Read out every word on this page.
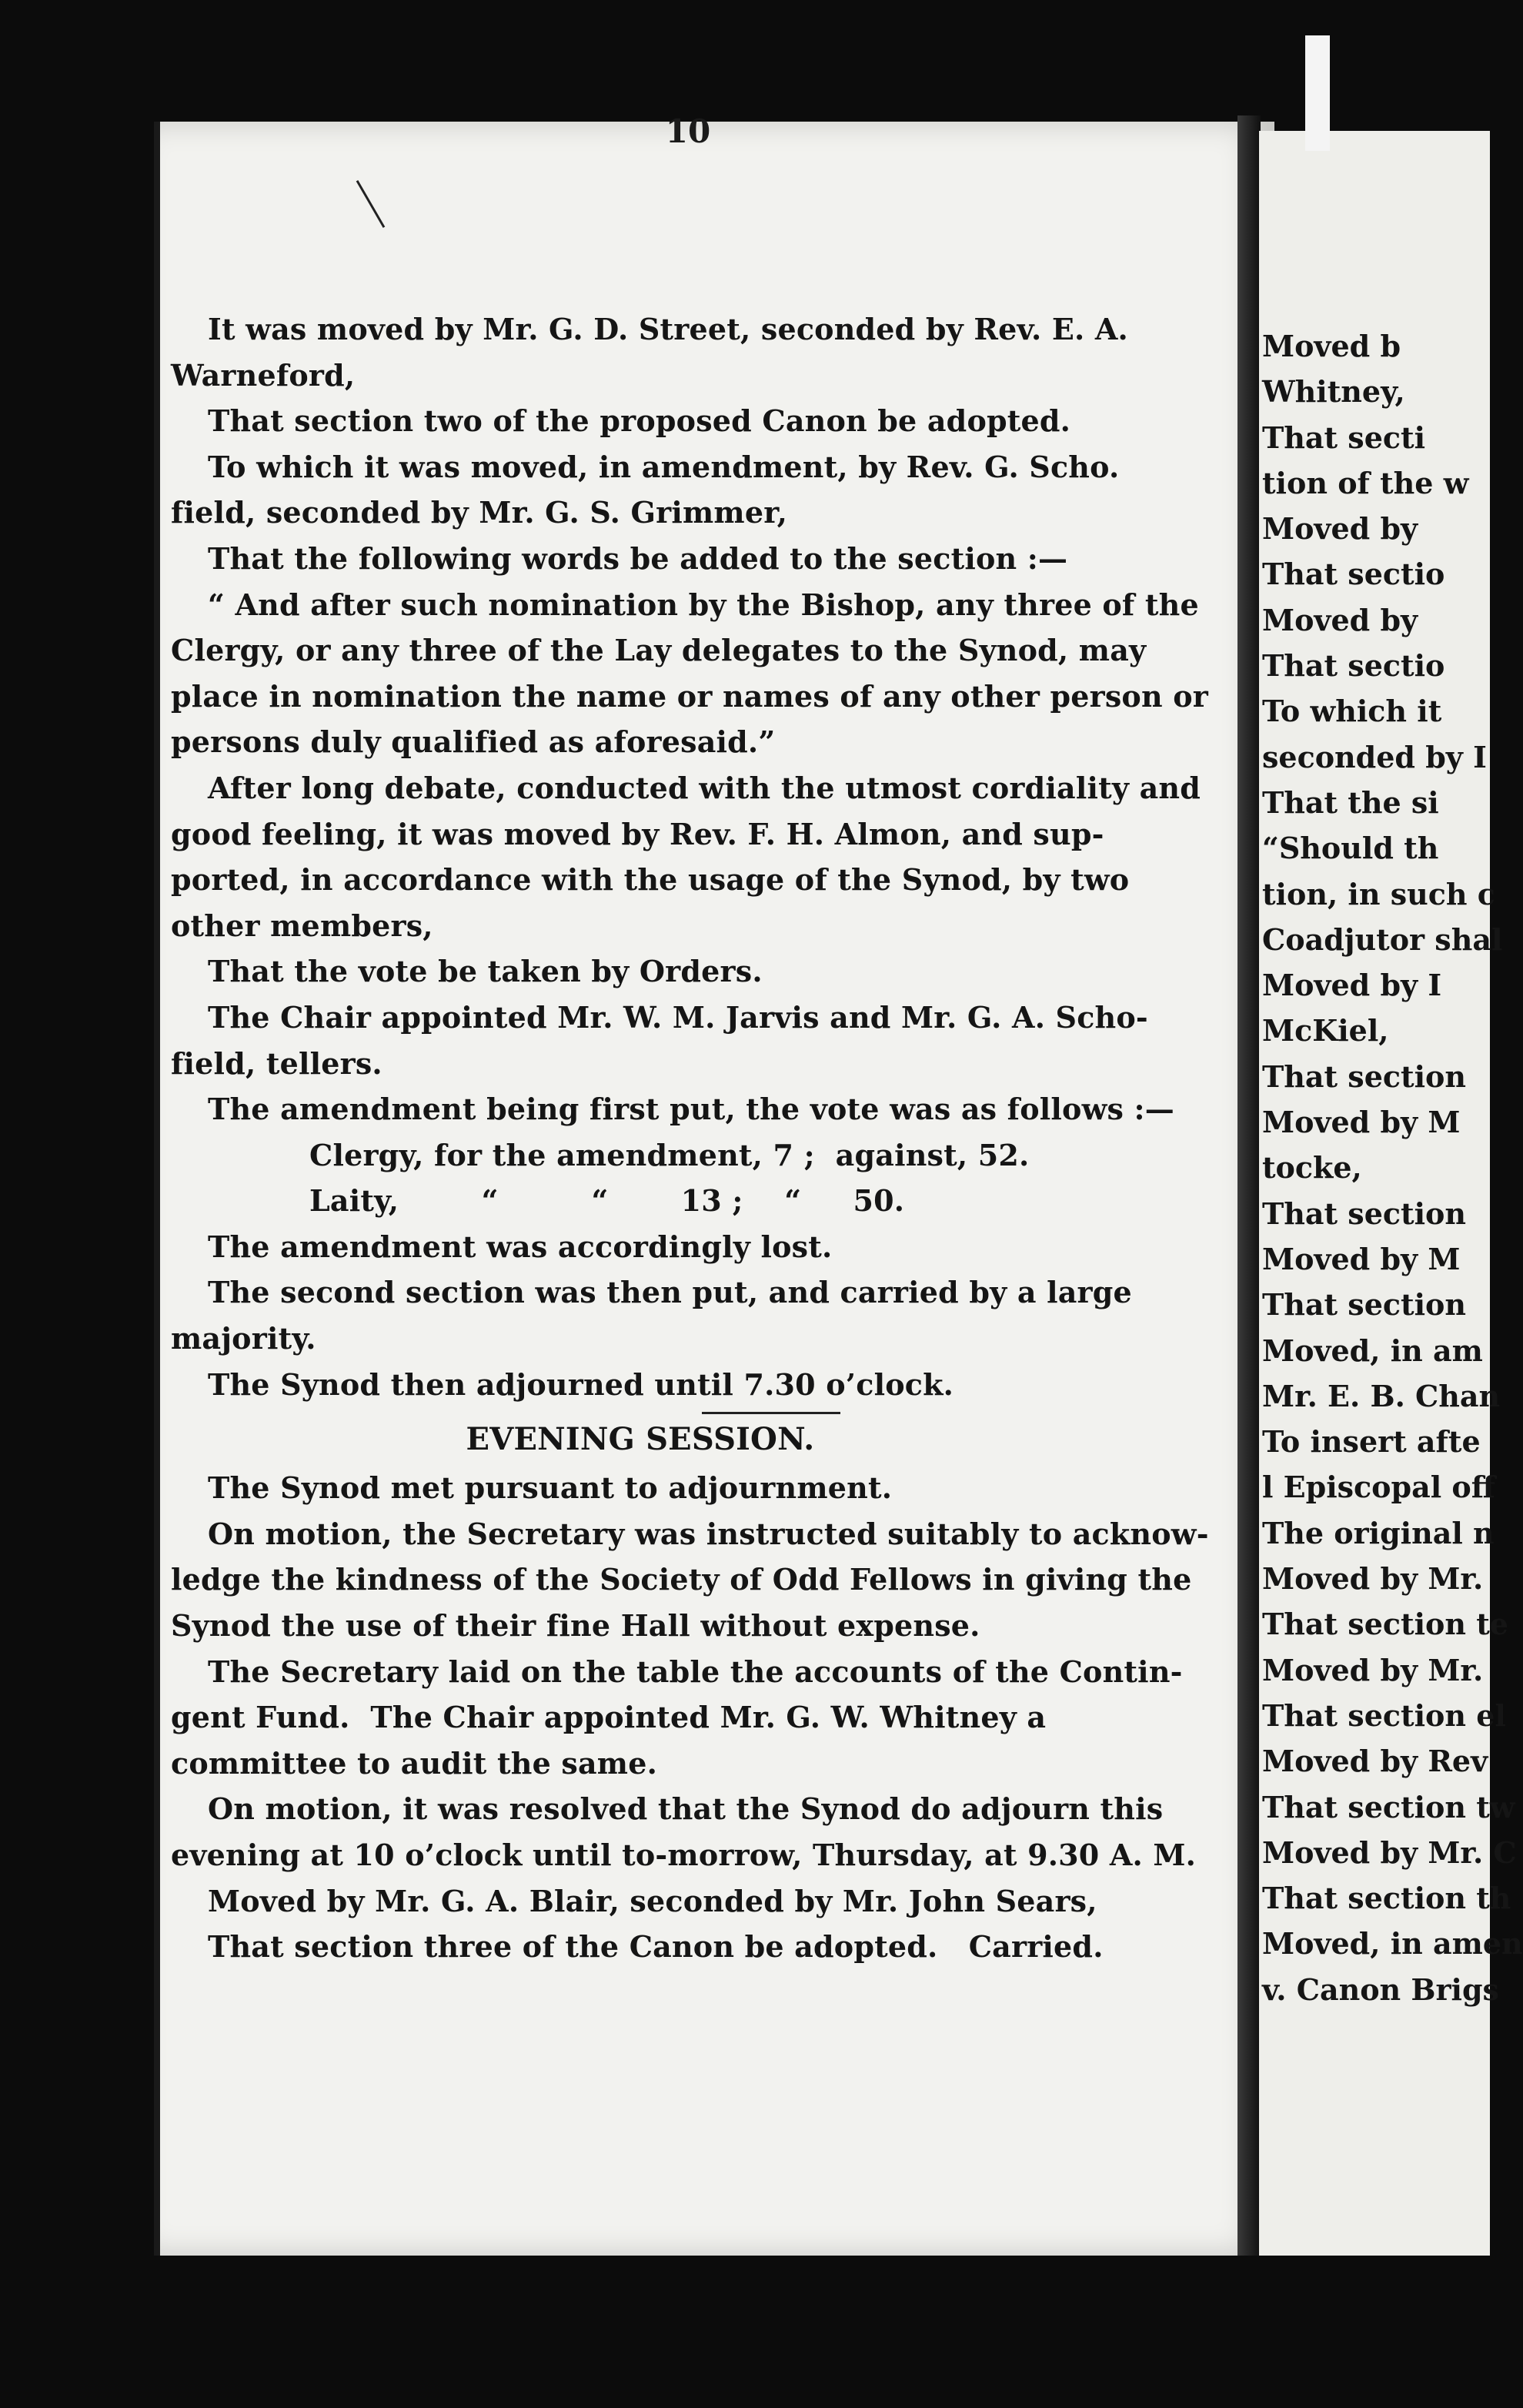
10
It was moved by Mr. G. D. Street, seconded by Rev. E. A.
Warneford,
That section two of the proposed Canon be adopted.
To which it was moved, in amendment, by Rev. G. Scho.
field, seconded by Mr. G. S. Grimmer,
That the following words be added to the section :—
“ And after such nomination by the Bishop, any three of the
Clergy, or any three of the Lay delegates to the Synod, may
place in nomination the name or names of any other person or
persons duly qualified as aforesaid.”
After long debate, conducted with the utmost cordiality and
good feeling, it was moved by Rev. F. H. Almon, and sup-
ported, in accordance with the usage of the Synod, by two
other members,
That the vote be taken by Orders.
The Chair appointed Mr. W. M. Jarvis and Mr. G. A. Scho-
field, tellers.
The amendment being first put, the vote was as follows :—
Clergy, for the amendment, 7 ;  against, 52.
Laity,        “         “       13 ;    “     50.
The amendment was accordingly lost.
The second section was then put, and carried by a large
majority.
The Synod then adjourned until 7.30 o’clock.
EVENING SESSION.
The Synod met pursuant to adjournment.
On motion, the Secretary was instructed suitably to acknow-
ledge the kindness of the Society of Odd Fellows in giving the
Synod the use of their fine Hall without expense.
The Secretary laid on the table the accounts of the Contin-
gent Fund.  The Chair appointed Mr. G. W. Whitney a
committee to audit the same.
On motion, it was resolved that the Synod do adjourn this
evening at 10 o’clock until to-morrow, Thursday, at 9.30 A. M.
Moved by Mr. G. A. Blair, seconded by Mr. John Sears,
That section three of the Canon be adopted.   Carried.
Moved b
Whitney,
That secti
tion of the w
Moved by
That sectio
Moved by
That sectio
To which it
seconded by I
That the si
“Should th
tion, in such c
Coadjutor shal
Moved by I
McKiel,
That section
Moved by M
tocke,
That section
Moved by M
That section
Moved, in am
Mr. E. B. Chan
To insert afte
l Episcopal off
The original n
Moved by Mr.
That section te
Moved by Mr.
That section el
Moved by Rev
That section tw
Moved by Mr. C
That section th
Moved, in amen
v. Canon Brigs
